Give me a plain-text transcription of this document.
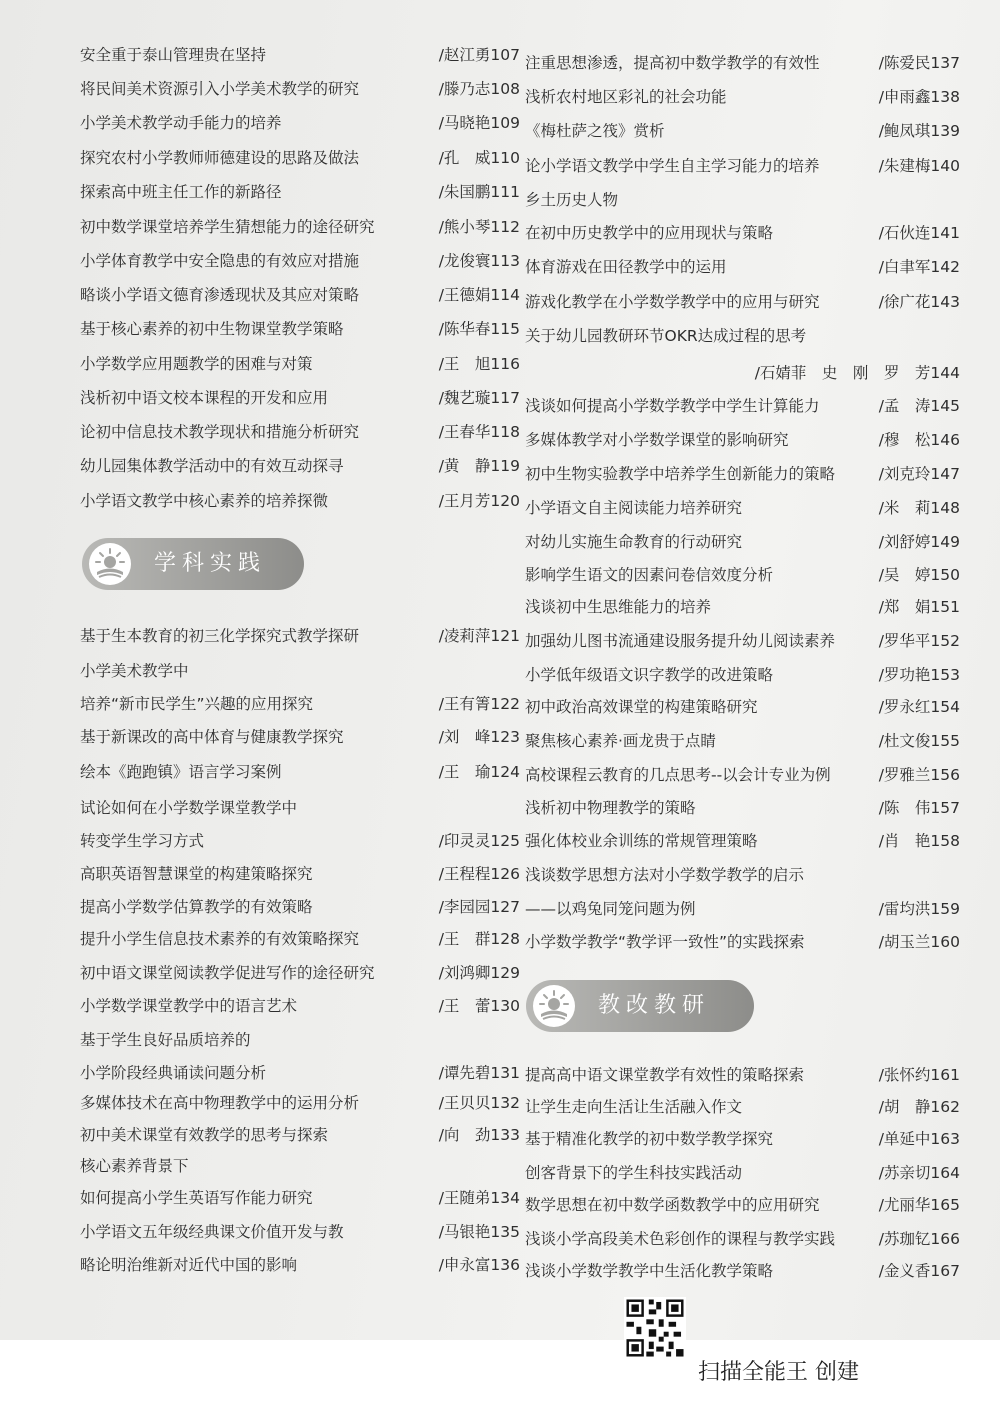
安全重于泰山管理贵在坚持	/赵江勇107
将民间美术资源引入小学美术教学的研究	/滕乃志108
小学美术教学动手能力的培养	/马晓艳109
探究农村小学教师师德建设的思路及做法	/孔　威110
探索高中班主任工作的新路径	/朱国鹏111
初中数学课堂培养学生猜想能力的途径研究	/熊小琴112
小学体育教学中安全隐患的有效应对措施	/龙俊寰113
略谈小学语文德育渗透现状及其应对策略	/王德娟114
基于核心素养的初中生物课堂教学策略	/陈华春115
小学数学应用题教学的困难与对策	/王　旭116
浅析初中语文校本课程的开发和应用	/魏艺璇117
论初中信息技术教学现状和措施分析研究	/王春华118
幼儿园集体教学活动中的有效互动探寻	/黄　静119
小学语文教学中核心素养的培养探微	/王月芳120
基于生本教育的初三化学探究式教学探研	/凌莉萍121
小学美术教学中
培养“新市民学生”兴趣的应用探究	/王有箐122
基于新课改的高中体育与健康教学探究	/刘　峰123
绘本《跑跑镇》语言学习案例	/王　瑜124
试论如何在小学数学课堂教学中
转变学生学习方式	/印灵灵125
高职英语智慧课堂的构建策略探究	/王程程126
提高小学数学估算教学的有效策略	/李园园127
提升小学生信息技术素养的有效策略探究	/王　群128
初中语文课堂阅读教学促进写作的途径研究	/刘鸿卿129
小学数学课堂教学中的语言艺术	/王　蕾130
基于学生良好品质培养的
小学阶段经典诵读问题分析	/谭先碧131
多媒体技术在高中物理教学中的运用分析	/王贝贝132
初中美术课堂有效教学的思考与探索	/向　劲133
核心素养背景下
如何提高小学生英语写作能力研究	/王随弟134
小学语文五年级经典课文价值开发与教	/马银艳135
略论明治维新对近代中国的影响	/申永富136
注重思想渗透，提高初中数学教学的有效性	/陈爱民137
浅析农村地区彩礼的社会功能	/申雨鑫138
《梅杜萨之筏》赏析	/鲍凤琪139
论小学语文教学中学生自主学习能力的培养	/朱建梅140
乡土历史人物
在初中历史教学中的应用现状与策略	/石伙连141
体育游戏在田径教学中的运用	/白聿军142
游戏化教学在小学数学教学中的应用与研究	/徐广花143
关于幼儿园教研环节OKR达成过程的思考
/石婧菲　史　刚　罗　芳144
浅谈如何提高小学数学教学中学生计算能力	/孟　涛145
多媒体教学对小学数学课堂的影响研究	/穆　松146
初中生物实验教学中培养学生创新能力的策略	/刘克玲147
小学语文自主阅读能力培养研究	/米　莉148
对幼儿实施生命教育的行动研究	/刘舒婷149
影响学生语文的因素问卷信效度分析	/吴　婷150
浅谈初中生思维能力的培养	/郑　娟151
加强幼儿图书流通建设服务提升幼儿阅读素养	/罗华平152
小学低年级语文识字教学的改进策略	/罗功艳153
初中政治高效课堂的构建策略研究	/罗永红154
聚焦核心素养·画龙贵于点睛	/杜文俊155
高校课程云教育的几点思考--以会计专业为例	/罗雅兰156
浅析初中物理教学的策略	/陈　伟157
强化体校业余训练的常规管理策略	/肖　艳158
浅谈数学思想方法对小学数学教学的启示
——以鸡兔同笼问题为例	/雷均洪159
小学数学教学“教学评一致性”的实践探索	/胡玉兰160
提高高中语文课堂教学有效性的策略探索	/张怀约161
让学生走向生活让生活融入作文	/胡　静162
基于精准化教学的初中数学教学探究	/单延中163
创客背景下的学生科技实践活动	/苏亲切164
数学思想在初中数学函数教学中的应用研究	/尤丽华165
浅谈小学高段美术色彩创作的课程与教学实践	/苏珈钇166
浅谈小学数学教学中生活化教学策略	/金义香167
学科实践
教改教研
扫描全能王 创建
